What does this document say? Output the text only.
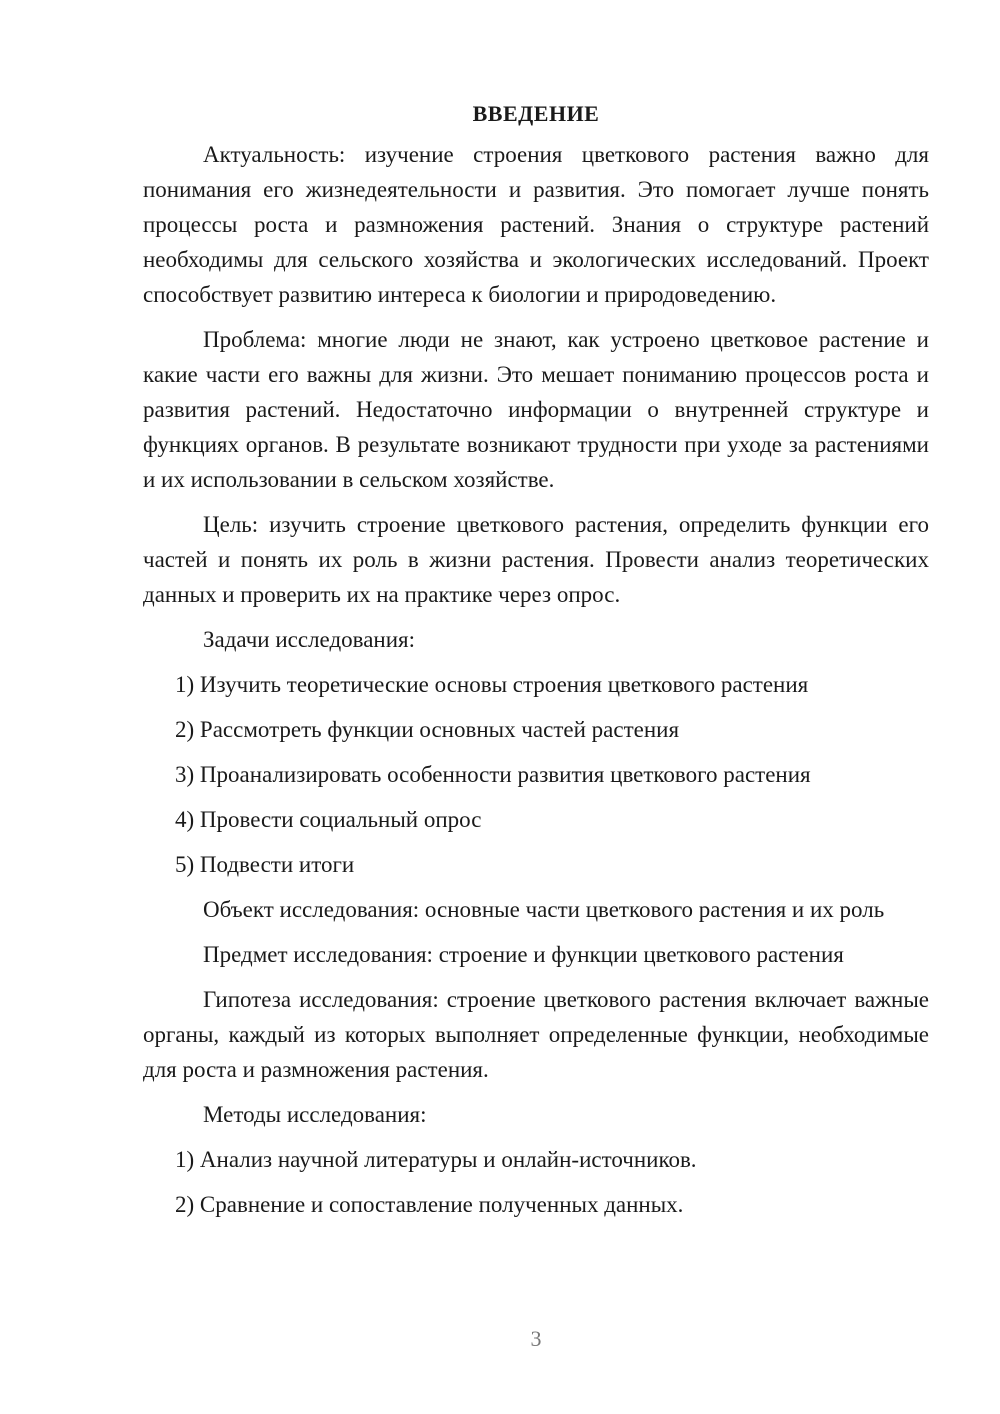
ВВЕДЕНИЕ

Актуальность: изучение строения цветкового растения важно для понимания его жизнедеятельности и развития. Это помогает лучше понять процессы роста и размножения растений. Знания о структуре растений необходимы для сельского хозяйства и экологических исследований. Проект способствует развитию интереса к биологии и природоведению.

Проблема: многие люди не знают, как устроено цветковое растение и какие части его важны для жизни. Это мешает пониманию процессов роста и развития растений. Недостаточно информации о внутренней структуре и функциях органов. В результате возникают трудности при уходе за растениями и их использовании в сельском хозяйстве.

Цель: изучить строение цветкового растения, определить функции его частей и понять их роль в жизни растения. Провести анализ теоретических данных и проверить их на практике через опрос.

Задачи исследования:

1) Изучить теоретические основы строения цветкового растения
2) Рассмотреть функции основных частей растения
3) Проанализировать особенности развития цветкового растения
4) Провести социальный опрос
5) Подвести итоги

Объект исследования: основные части цветкового растения и их роль

Предмет исследования: строение и функции цветкового растения

Гипотеза исследования: строение цветкового растения включает важные органы, каждый из которых выполняет определенные функции, необходимые для роста и размножения растения.

Методы исследования:

1) Анализ научной литературы и онлайн-источников.
2) Сравнение и сопоставление полученных данных.
3
